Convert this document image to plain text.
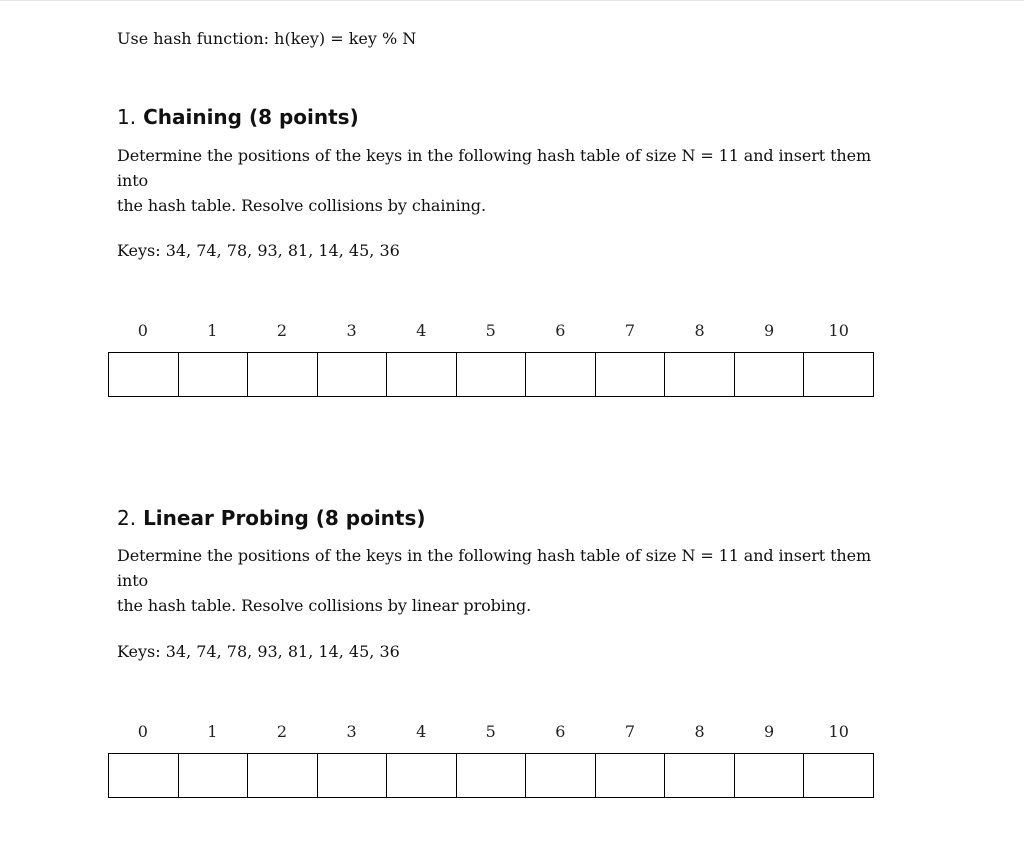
Use hash function: h(key) = key % N
1. Chaining (8 points)
Determine the positions of the keys in the following hash table of size N = 11 and insert them into
the hash table. Resolve collisions by chaining.
Keys: 34, 74, 78, 93, 81, 14, 45, 36
0	1	2	3	4	5	6	7	8	9	10
2. Linear Probing (8 points)
Determine the positions of the keys in the following hash table of size N = 11 and insert them into
the hash table. Resolve collisions by linear probing.
Keys: 34, 74, 78, 93, 81, 14, 45, 36
0	1	2	3	4	5	6	7	8	9	10
